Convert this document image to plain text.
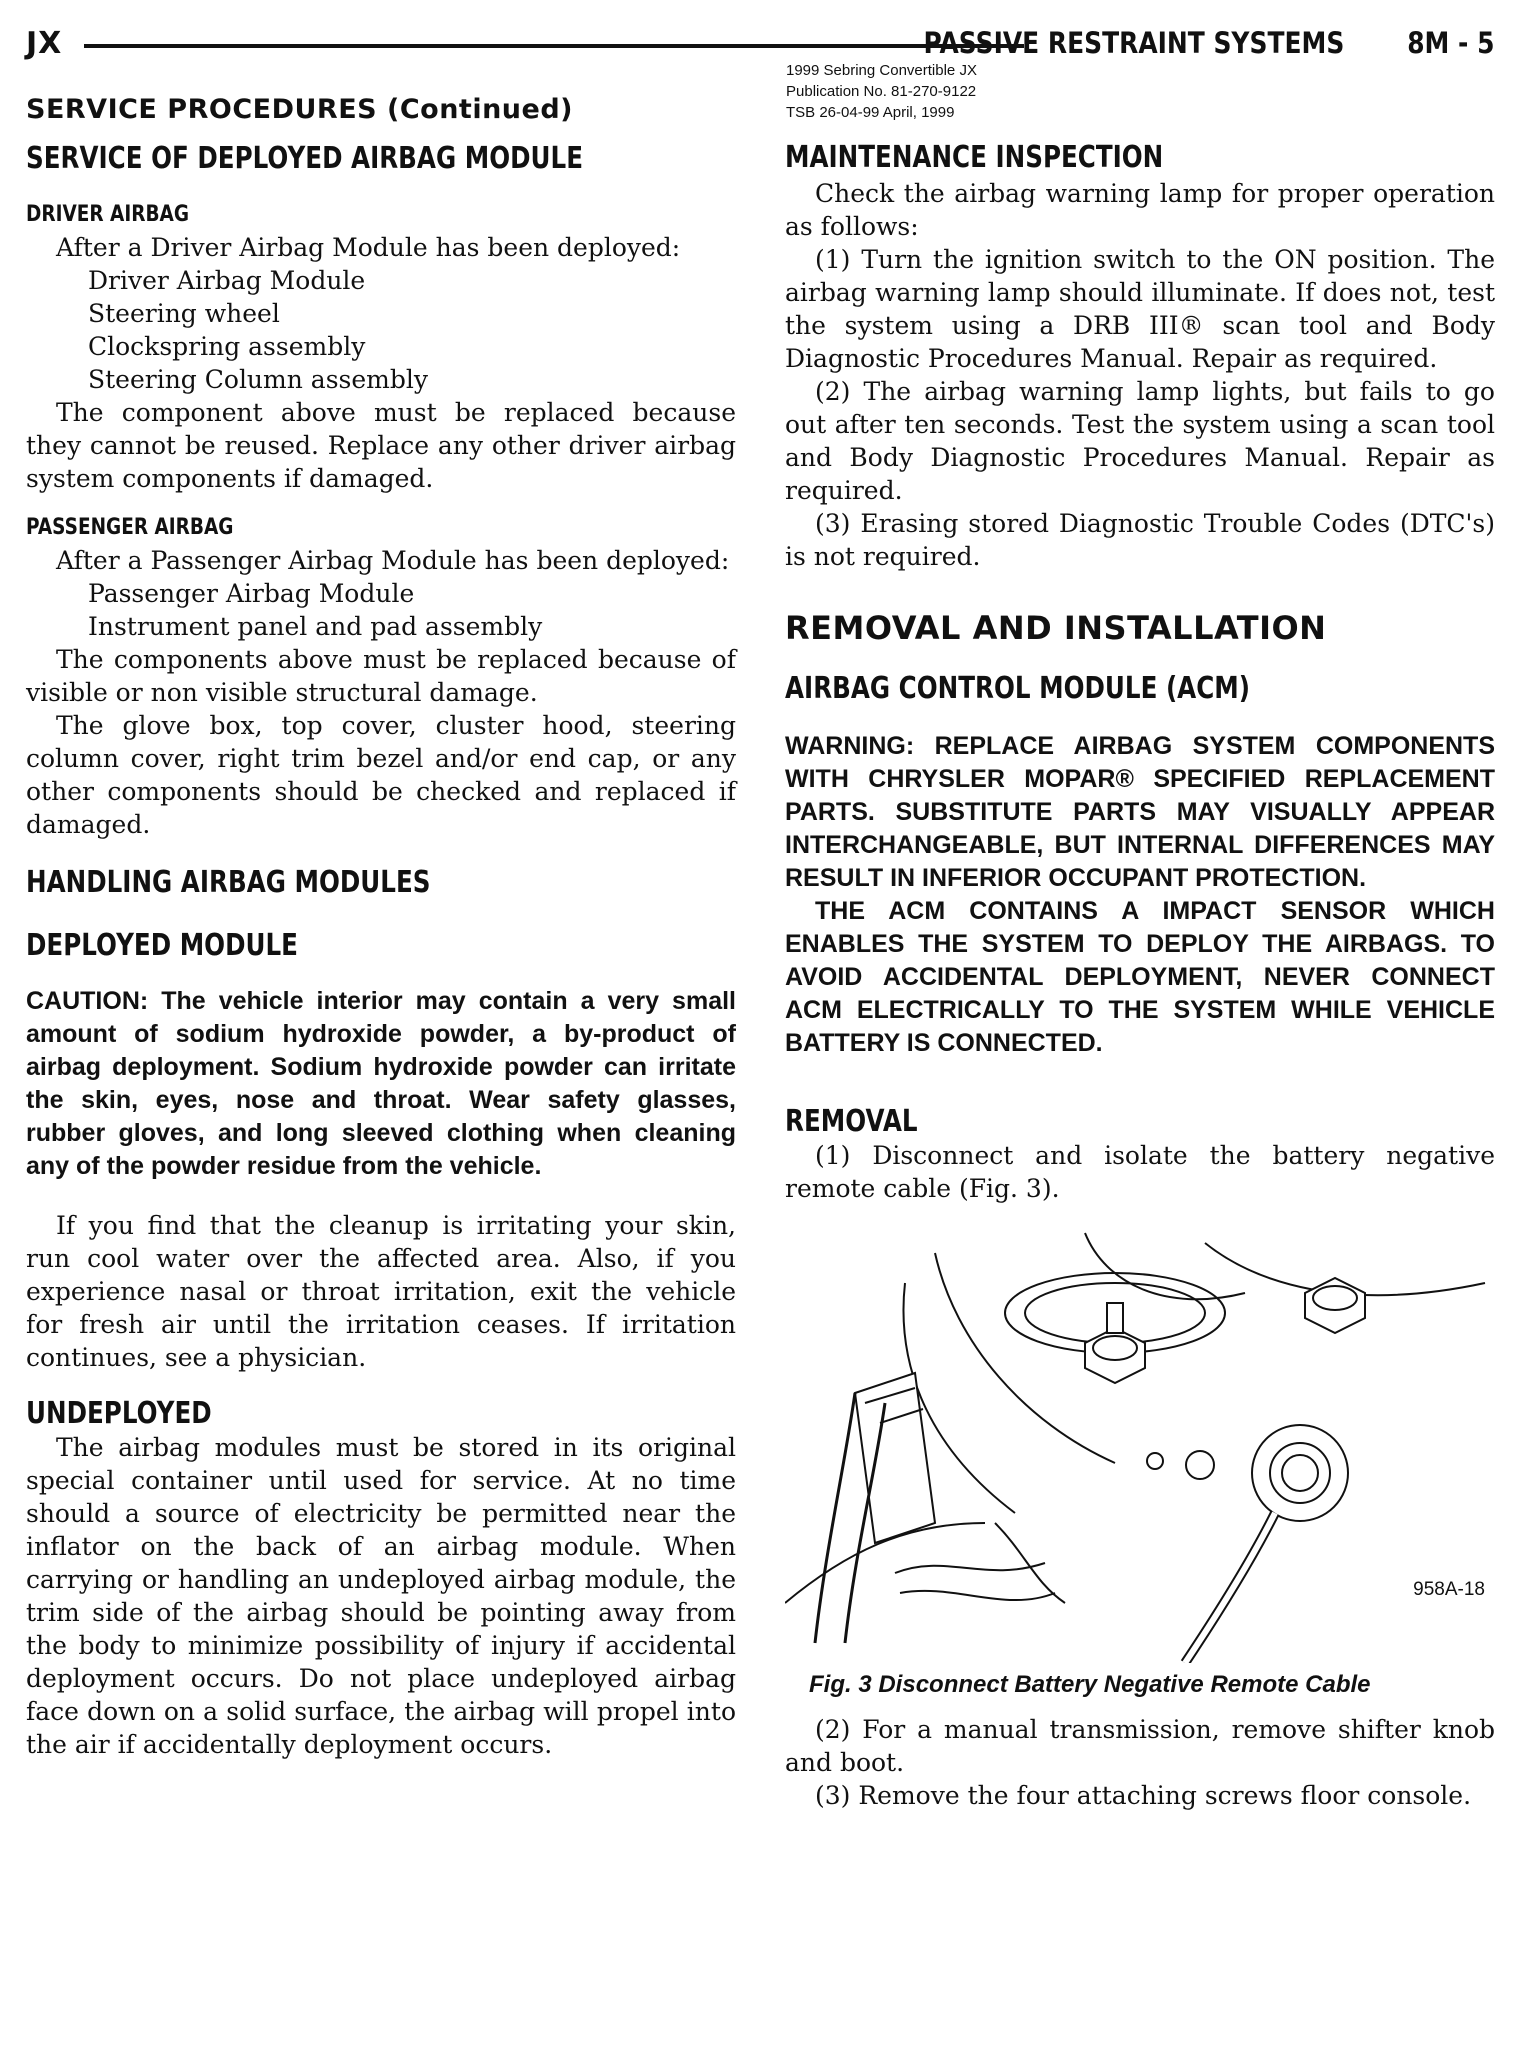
JX	PASSIVE RESTRAINT SYSTEMS 8M - 5
1999 Sebring Convertible JX
Publication No. 81-270-9122
TSB 26-04-99 April, 1999
SERVICE PROCEDURES (Continued)
SERVICE OF DEPLOYED AIRBAG MODULE
DRIVER AIRBAG

After a Driver Airbag Module has been deployed:

Driver Airbag Module

Steering wheel

Clockspring assembly

Steering Column assembly

The component above must be replaced because they cannot be reused. Replace any other driver airbag system components if damaged.

PASSENGER AIRBAG

After a Passenger Airbag Module has been deployed:

Passenger Airbag Module

Instrument panel and pad assembly

The components above must be replaced because of visible or non visible structural damage.

The glove box, top cover, cluster hood, steering column cover, right trim bezel and/or end cap, or any other components should be checked and replaced if damaged.

HANDLING AIRBAG MODULES
DEPLOYED MODULE

CAUTION: The vehicle interior may contain a very small amount of sodium hydroxide powder, a by-product of airbag deployment. Sodium hydroxide powder can irritate the skin, eyes, nose and throat. Wear safety glasses, rubber gloves, and long sleeved clothing when cleaning any of the powder residue from the vehicle.

If you find that the cleanup is irritating your skin, run cool water over the affected area. Also, if you experience nasal or throat irritation, exit the vehicle for fresh air until the irritation ceases. If irritation continues, see a physician.

UNDEPLOYED

The airbag modules must be stored in its original special container until used for service. At no time should a source of electricity be permitted near the inflator on the back of an airbag module. When carrying or handling an undeployed airbag module, the trim side of the airbag should be pointing away from the body to minimize possibility of injury if accidental deployment occurs. Do not place undeployed airbag face down on a solid surface, the airbag will propel into the air if accidentally deployment occurs.

MAINTENANCE INSPECTION

Check the airbag warning lamp for proper operation as follows:

(1) Turn the ignition switch to the ON position. The airbag warning lamp should illuminate. If does not, test the system using a DRB III® scan tool and Body Diagnostic Procedures Manual. Repair as required.

(2) The airbag warning lamp lights, but fails to go out after ten seconds. Test the system using a scan tool and Body Diagnostic Procedures Manual. Repair as required.

(3) Erasing stored Diagnostic Trouble Codes (DTC's) is not required.

REMOVAL AND INSTALLATION
AIRBAG CONTROL MODULE (ACM)

WARNING: REPLACE AIRBAG SYSTEM COMPONENTS WITH CHRYSLER MOPAR® SPECIFIED REPLACEMENT PARTS. SUBSTITUTE PARTS MAY VISUALLY APPEAR INTERCHANGEABLE, BUT INTERNAL DIFFERENCES MAY RESULT IN INFERIOR OCCUPANT PROTECTION.

THE ACM CONTAINS A IMPACT SENSOR WHICH ENABLES THE SYSTEM TO DEPLOY THE AIRBAGS. TO AVOID ACCIDENTAL DEPLOYMENT, NEVER CONNECT ACM ELECTRICALLY TO THE SYSTEM WHILE VEHICLE BATTERY IS CONNECTED.

REMOVAL

(1) Disconnect and isolate the battery negative remote cable (Fig. 3).

958A-18
Fig. 3 Disconnect Battery Negative Remote Cable

(2) For a manual transmission, remove shifter knob and boot.

(3) Remove the four attaching screws floor console.
